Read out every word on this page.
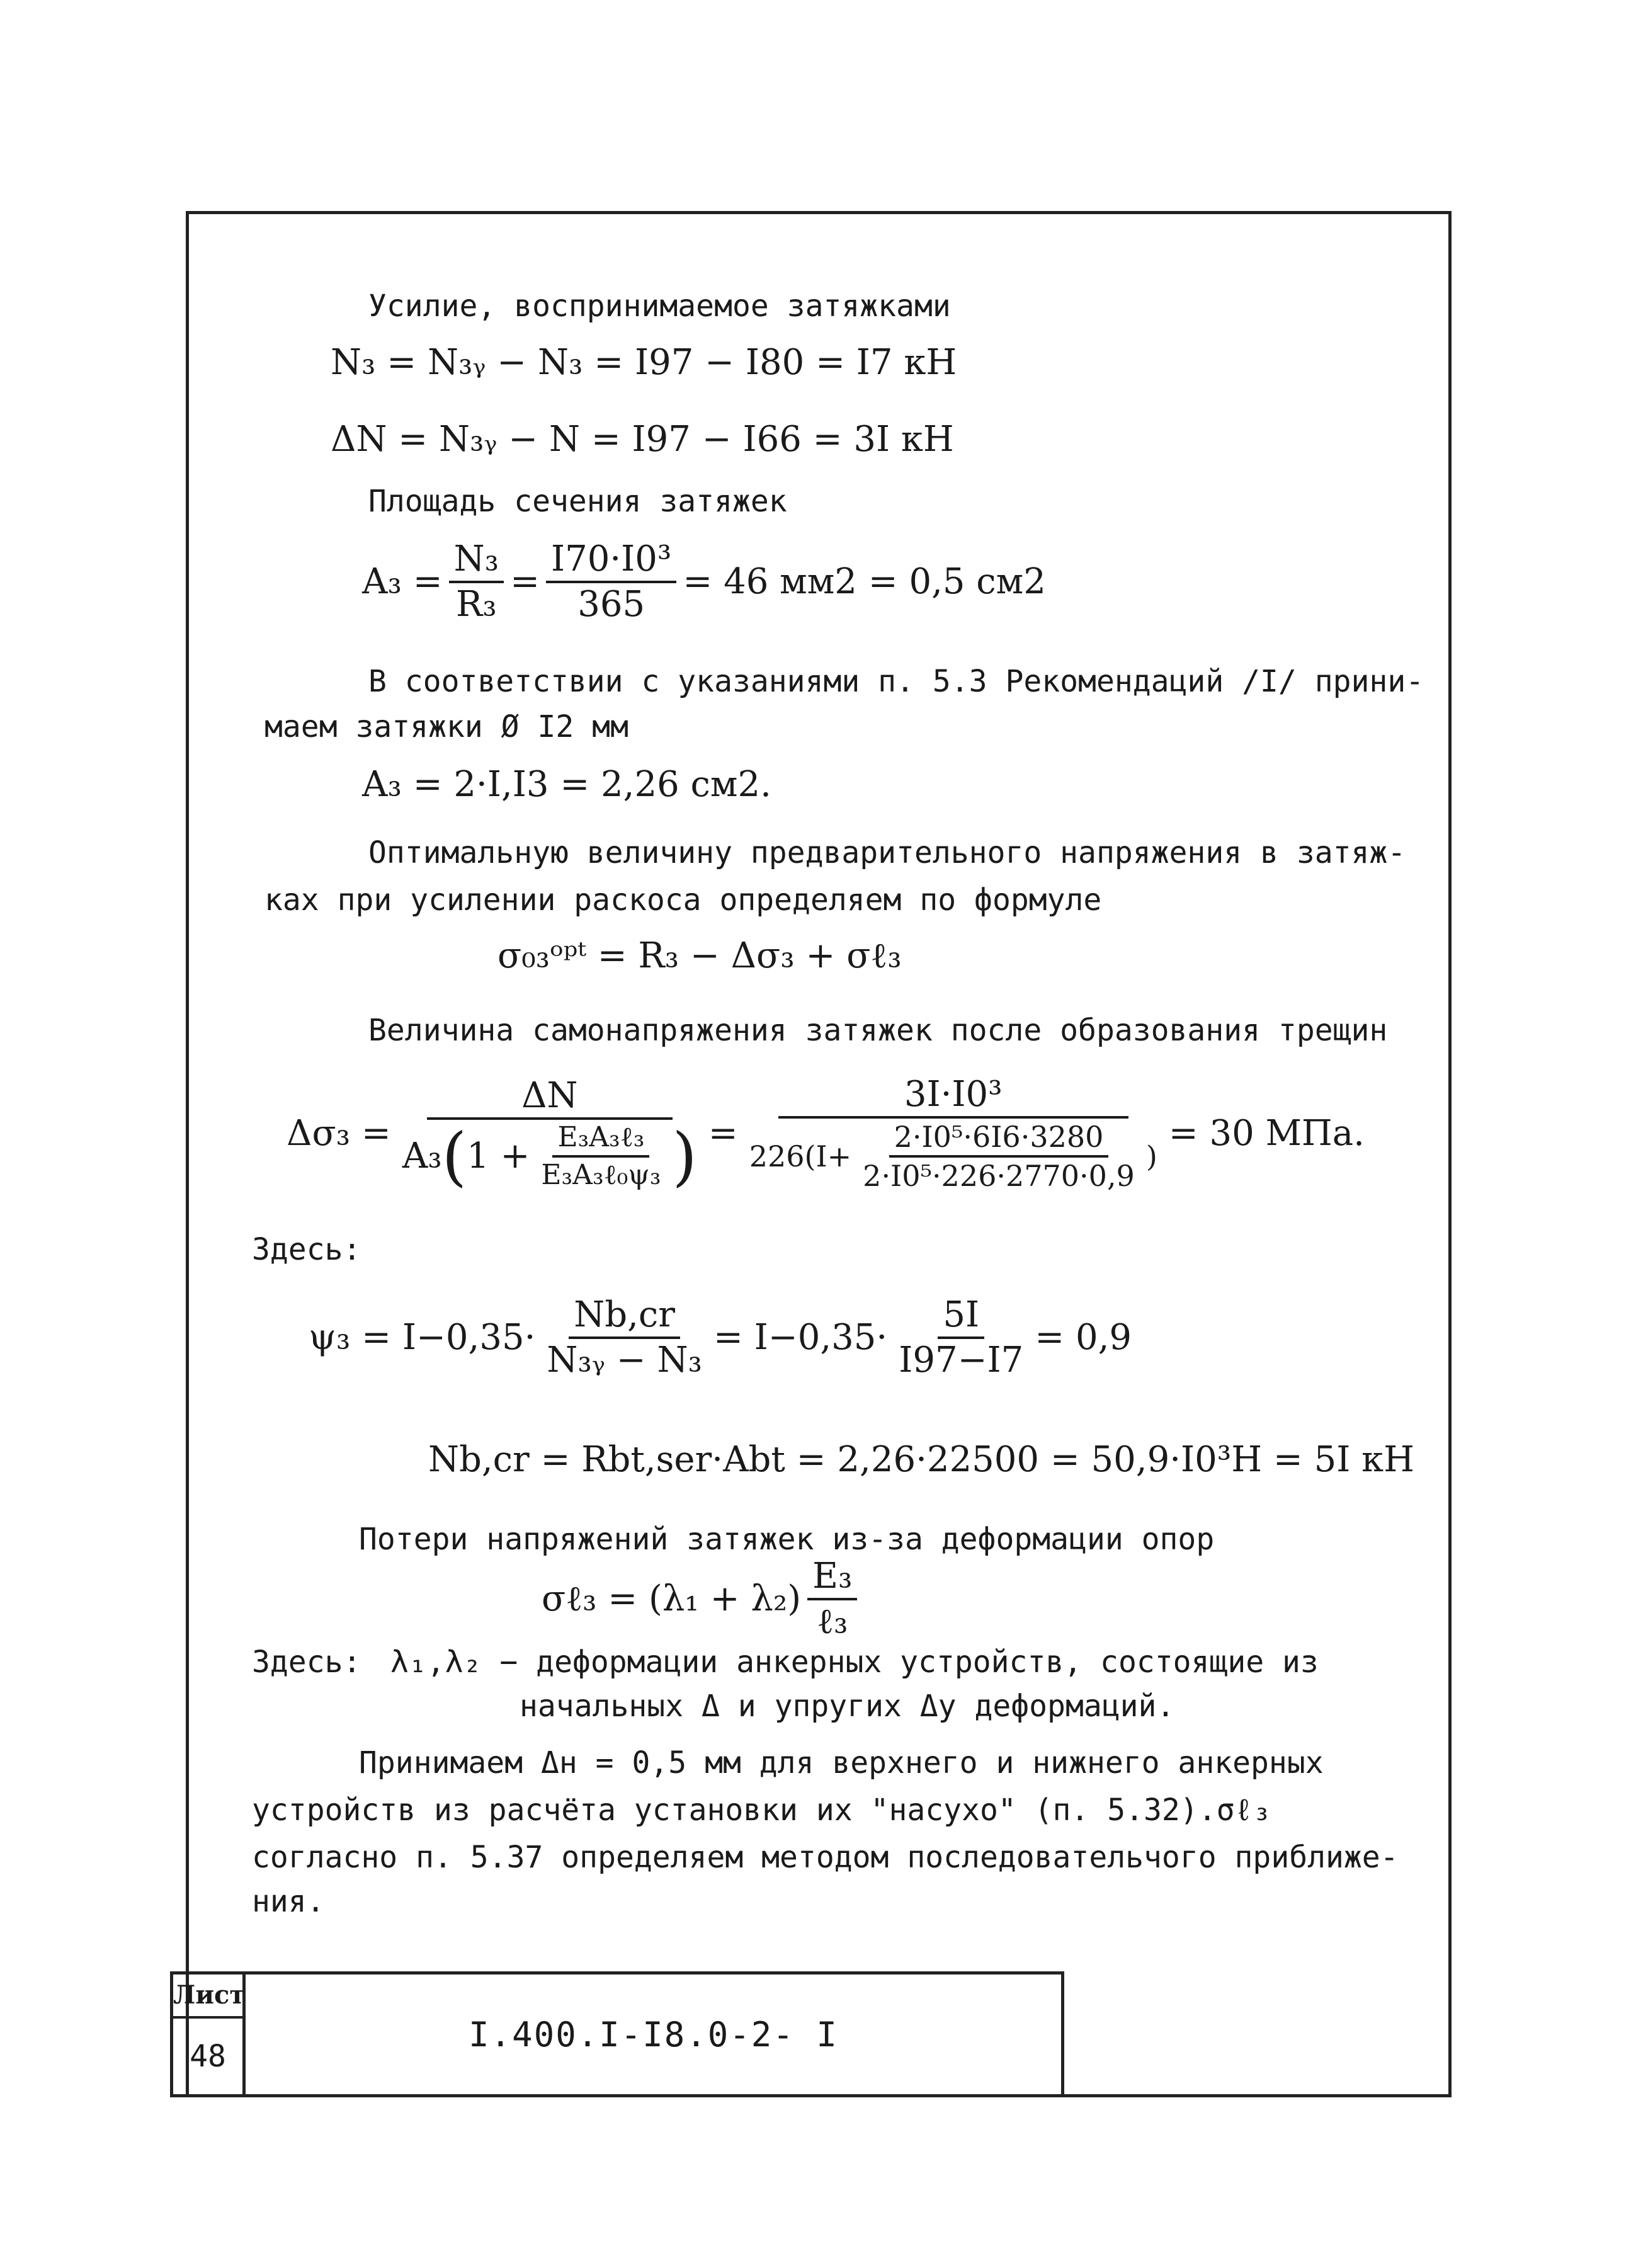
Усилие, воспринимаемое затяжками
N₃ = N₃ᵧ − N₃ = I97 − I80 = I7 кН
ΔN = N₃ᵧ − N = I97 − I66 = 3I кН
Площадь сечения затяжек
$A_3 = \frac{\text{N₃}}{\text{R₃}} = \frac{\text{I70·I0³}}{365} = 46$ мм2 = 0,5 см2
В соответствии с указаниями п. 5.3 Рекомендаций /I/ прини-
маем затяжки Ø I2 мм
A₃ = 2·I,I3 = 2,26 см2.
Оптимальную величину предварительного напряжения в затяж-
ках при усилении раскоса определяем по формуле
σ₀₃ᵒᵖᵗ = R₃ − Δσ₃ + σℓ₃
Величина самонапряжения затяжек после образования трещин
$\Delta\sigma_3 = \frac{\Delta N}{A_3 ( 1 + \frac{\text{E₃A₃ℓ₃}}{\text{E₃A₃ℓ₀ψ₃}} )}$ =
3I·I0³
$226(I+ \frac{\text{2·I0⁵·6I6·3280}}{\text{2·I0⁵·226·2770·0,9}}$ )
= 30 МПа.
Здесь:
$\psi_3 = I-0,35\cdot \frac{Nb,cr}{\text{N₃ᵧ − N₃}} = I-0,35\cdot \frac{5I}{I97-I7} = 0,9$
Nb,cr = Rbt,ser·Abt = 2,26·22500 = 50,9·I0³Н = 5I кН
Потери напряжений затяжек из-за деформации опор
σℓ₃ = $(\lambda_1 + \lambda_2) \frac{\text{E₃}}{\text{ℓ₃}}$
Здесь: λ₁,λ₂ − деформации анкерных устройств, состоящие из
начальных Δ и упругих Δy деформаций.
Принимаем Δн = 0,5 мм для верхнего и нижнего анкерных
устройств из расчёта установки их "насухо" (п. 5.32).σℓ₃
согласно п. 5.37 определяем методом последовательчого приближе-
ния.
Лист
48
I.400.I-I8.0-2- I
